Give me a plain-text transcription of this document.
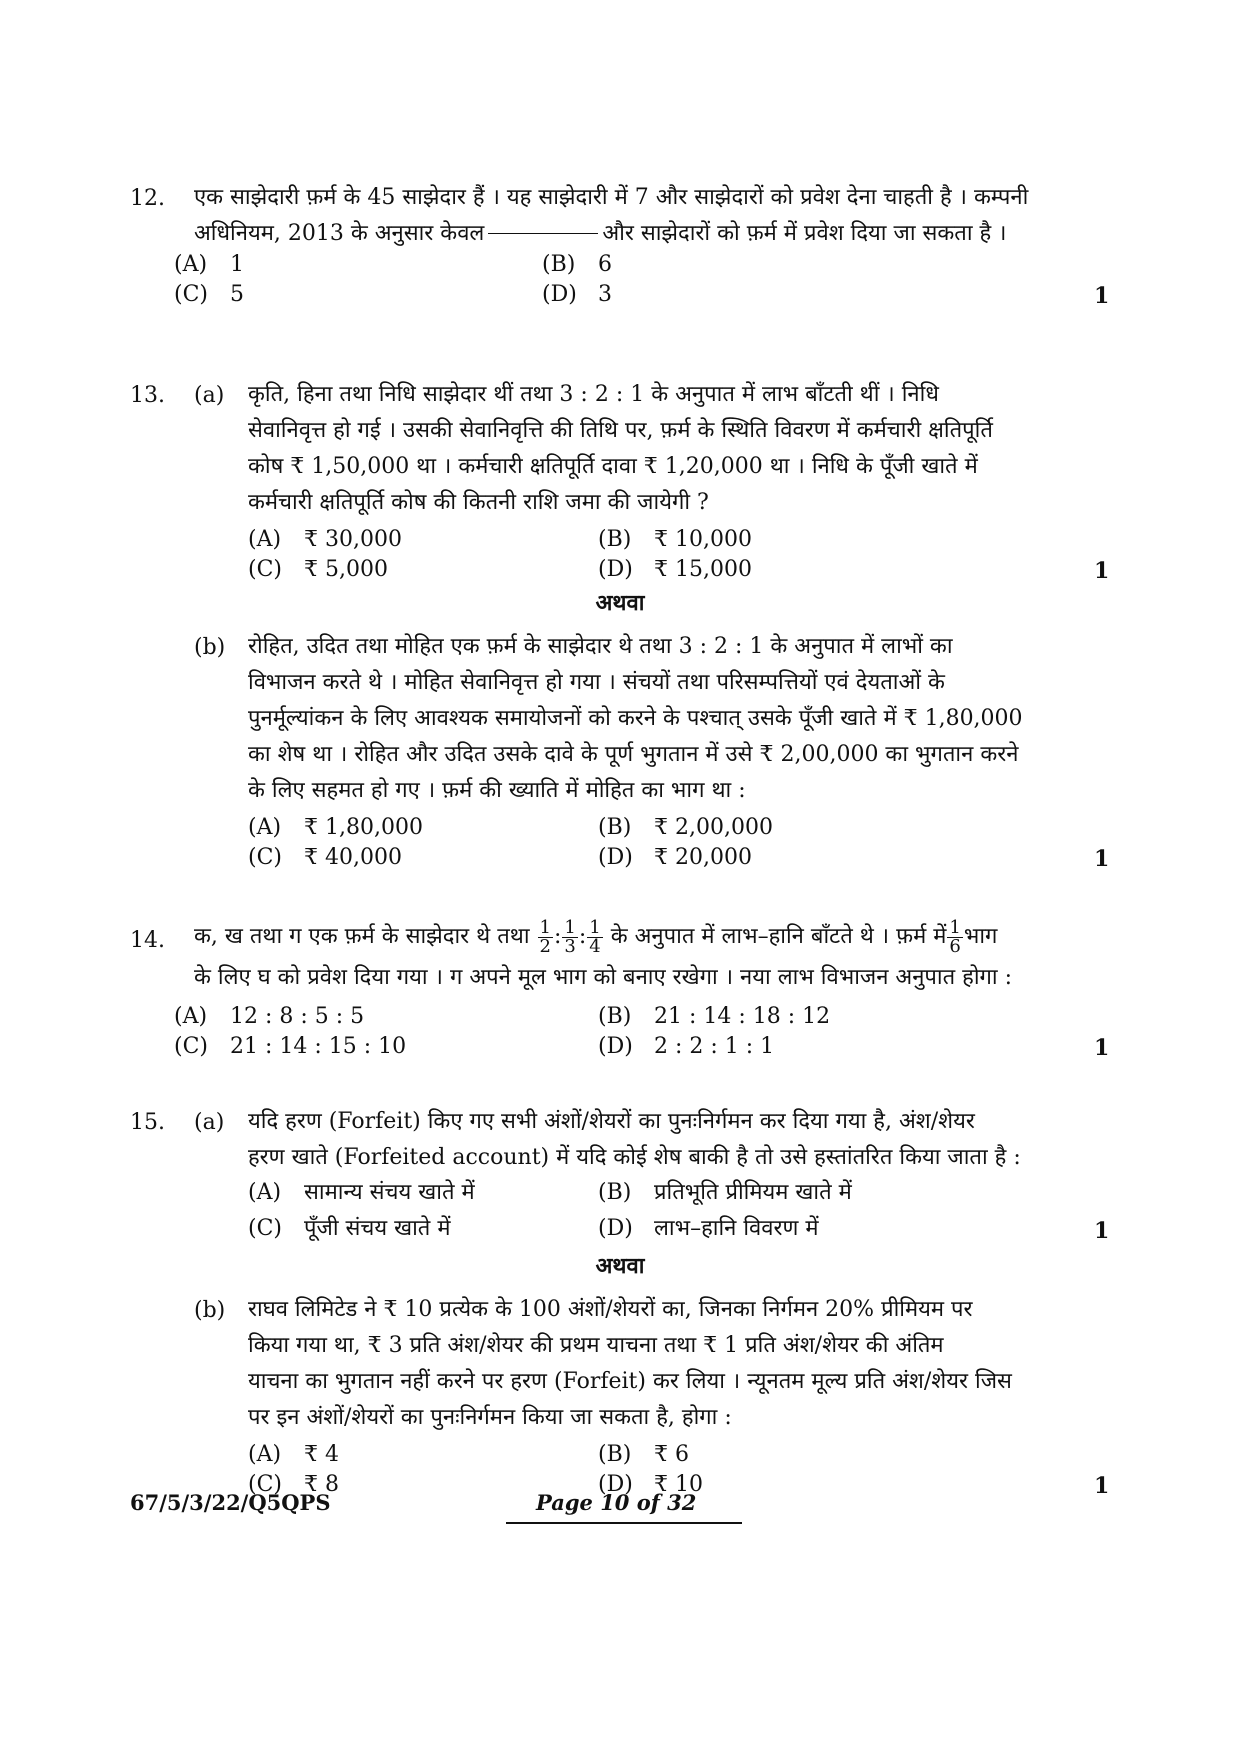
12. एक साझेदारी फ़र्म के 45 साझेदार हैं । यह साझेदारी में 7 और साझेदारों को प्रवेश देना चाहती है । कम्पनी
अधिनियम, 2013 के अनुसार केवल	और साझेदारों को फ़र्म में प्रवेश दिया जा सकता है ।
(A) 1	(B) 6
(C) 5	(D) 3	1
13. (a) कृति, हिना तथा निधि साझेदार थीं तथा 3 : 2 : 1 के अनुपात में लाभ बाँटती थीं । निधि
सेवानिवृत्त हो गई । उसकी सेवानिवृत्ति की तिथि पर, फ़र्म के स्थिति विवरण में कर्मचारी क्षतिपूर्ति
कोष ₹ 1,50,000 था । कर्मचारी क्षतिपूर्ति दावा ₹ 1,20,000 था । निधि के पूँजी खाते में
कर्मचारी क्षतिपूर्ति कोष की कितनी राशि जमा की जायेगी ?
(A) ₹ 30,000	(B) ₹ 10,000
(C) ₹ 5,000	(D) ₹ 15,000	1
अथवा
(b) रोहित, उदित तथा मोहित एक फ़र्म के साझेदार थे तथा 3 : 2 : 1 के अनुपात में लाभों का
विभाजन करते थे । मोहित सेवानिवृत्त हो गया । संचयों तथा परिसम्पत्तियों एवं देयताओं के
पुनर्मूल्यांकन के लिए आवश्यक समायोजनों को करने के पश्चात् उसके पूँजी खाते में ₹ 1,80,000
का शेष था । रोहित और उदित उसके दावे के पूर्ण भुगतान में उसे ₹ 2,00,000 का भुगतान करने
के लिए सहमत हो गए । फ़र्म की ख्याति में मोहित का भाग था :
(A) ₹ 1,80,000	(B) ₹ 2,00,000
(C) ₹ 40,000	(D) ₹ 20,000	1
14. क, ख तथा ग एक फ़र्म के साझेदार थे तथा $\frac{1}{2}$ : $\frac{1}{3}$ : $\frac{1}{4}$ के अनुपात में लाभ–हानि बाँटते थे । फ़र्म में $\frac{1}{6}$ भाग
के लिए घ को प्रवेश दिया गया । ग अपने मूल भाग को बनाए रखेगा । नया लाभ विभाजन अनुपात होगा :
(A) 12 : 8 : 5 : 5	(B) 21 : 14 : 18 : 12
(C) 21 : 14 : 15 : 10	(D) 2 : 2 : 1 : 1	1
15. (a) यदि हरण (Forfeit) किए गए सभी अंशों/शेयरों का पुनःनिर्गमन कर दिया गया है, अंश/शेयर
हरण खाते (Forfeited account) में यदि कोई शेष बाकी है तो उसे हस्तांतरित किया जाता है :
(A) सामान्य संचय खाते में	(B) प्रतिभूति प्रीमियम खाते में
(C) पूँजी संचय खाते में	(D) लाभ–हानि विवरण में	1
अथवा
(b) राघव लिमिटेड ने ₹ 10 प्रत्येक के 100 अंशों/शेयरों का, जिनका निर्गमन 20% प्रीमियम पर
किया गया था, ₹ 3 प्रति अंश/शेयर की प्रथम याचना तथा ₹ 1 प्रति अंश/शेयर की अंतिम
याचना का भुगतान नहीं करने पर हरण (Forfeit) कर लिया । न्यूनतम मूल्य प्रति अंश/शेयर जिस
पर इन अंशों/शेयरों का पुनःनिर्गमन किया जा सकता है, होगा :
(A) ₹ 4	(B) ₹ 6
(C) ₹ 8	(D) ₹ 10	1
67/5/3/22/Q5QPS	Page 10 of 32
